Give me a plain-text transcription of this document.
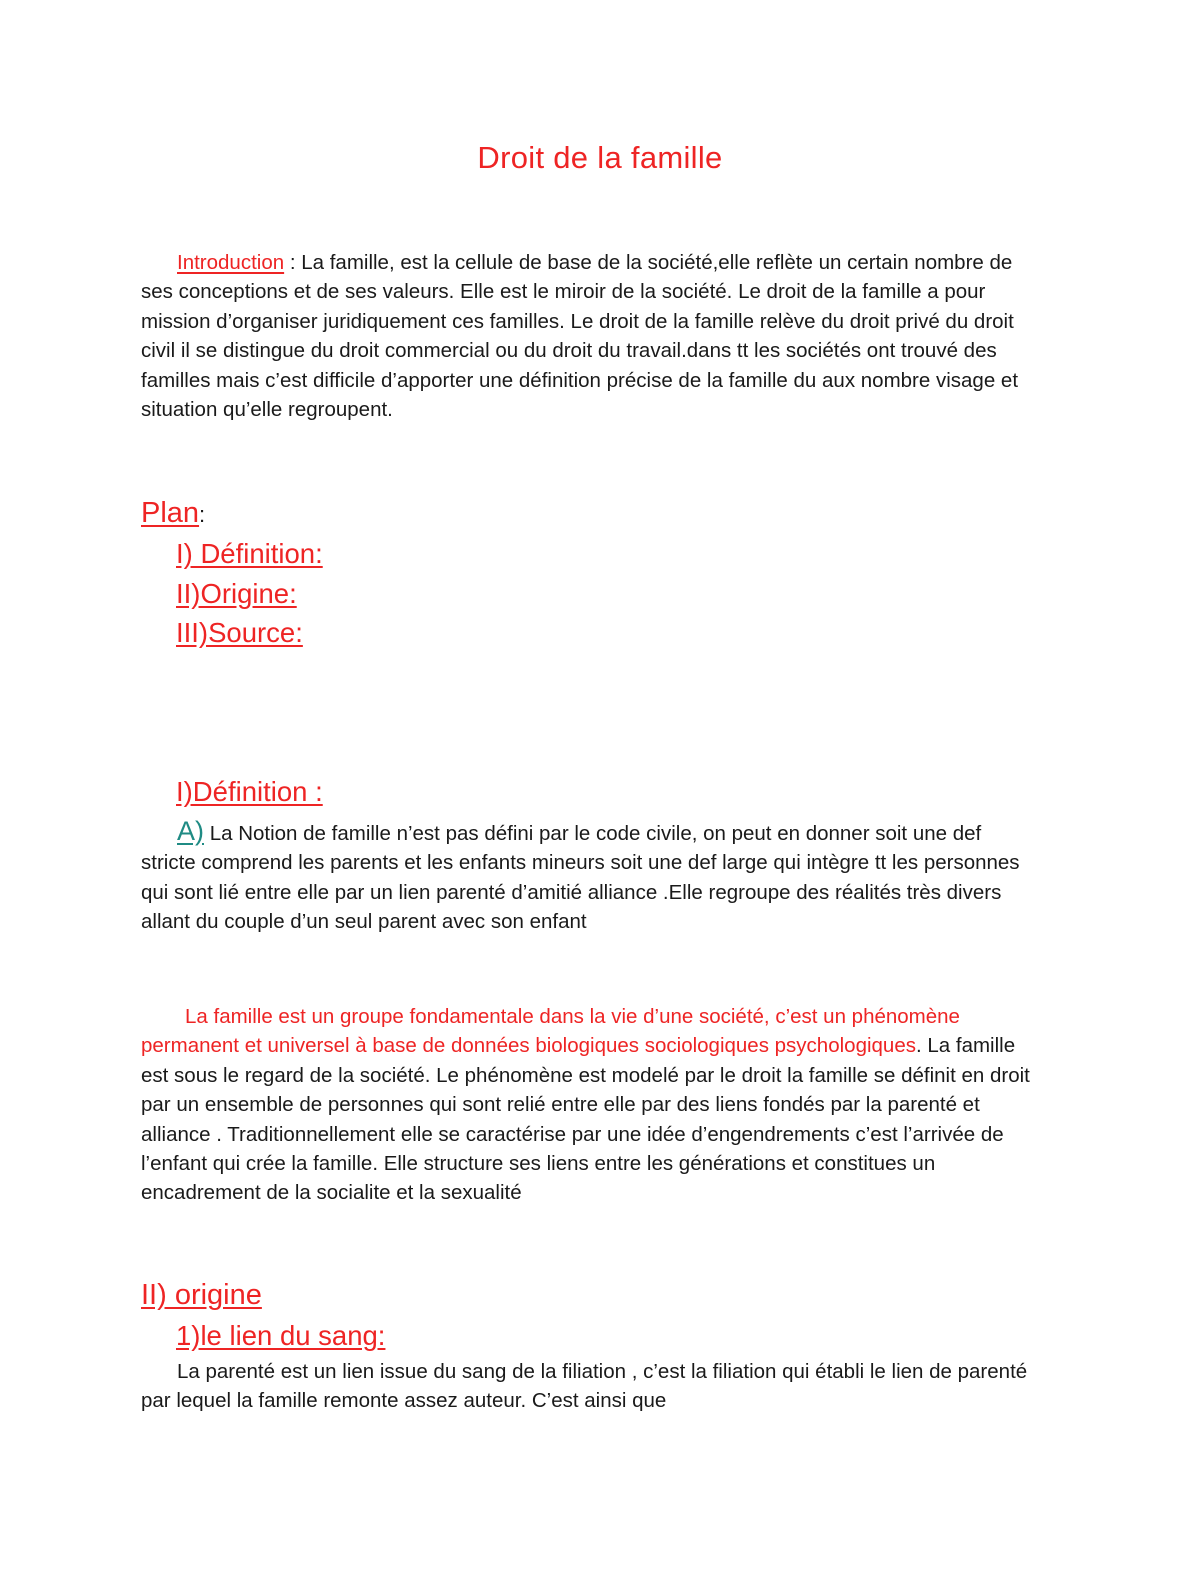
Droit de la famille
Introduction : La famille, est la cellule de base de la société,elle reflète un certain nombre de ses conceptions et de ses valeurs. Elle est le miroir de la société. Le droit de la famille a pour mission d’organiser juridiquement ces familles. Le droit de la famille relève du droit privé du droit civil il se distingue du droit commercial ou du droit du travail.dans tt les sociétés ont trouvé des familles mais c’est difficile d’apporter une définition précise de la famille du aux nombre visage et situation qu’elle regroupent.
Plan:
I) Définition:
II)Origine:
III)Source:
I)Définition :
A) La Notion de famille n’est pas défini par le code civile, on peut en donner soit une def stricte comprend les parents et les enfants mineurs soit une def large qui intègre tt les personnes qui sont lié entre elle par un lien parenté d’amitié alliance .Elle regroupe des réalités très divers allant du couple d’un seul parent avec son enfant
La famille est un groupe fondamentale dans la vie d’une société, c’est un phénomène permanent et universel à base de données biologiques sociologiques psychologiques. La famille est sous le regard de la société. Le phénomène est modelé par le droit la famille se définit en droit par un ensemble de personnes qui sont relié entre elle par des liens fondés par la parenté et alliance . Traditionnellement elle se caractérise par une idée d’engendrements c’est l’arrivée de l’enfant qui crée la famille. Elle structure ses liens entre les générations et constitues un encadrement de la socialite et la sexualité
II) origine
1)le lien du sang:
La parenté est un lien issue du sang de la filiation , c’est la filiation qui établi le lien de parenté par lequel la famille remonte assez auteur. C’est ainsi que
